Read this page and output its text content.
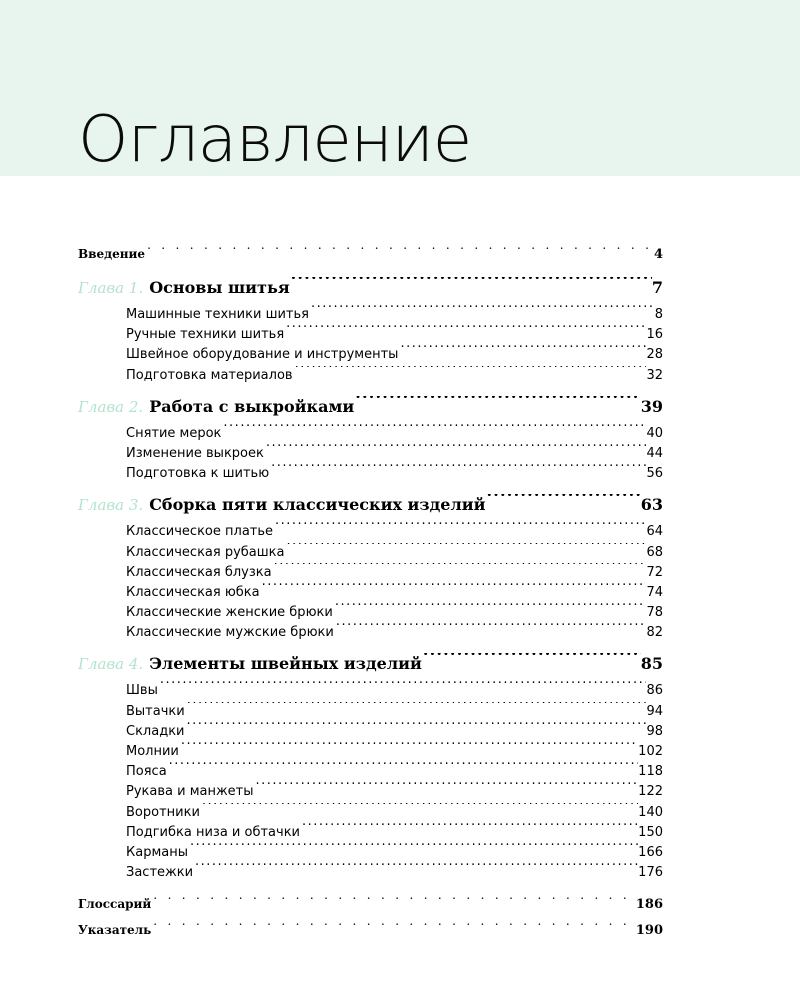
Оглавление
Введение . . .	4
Глава 1. Основы шитья .....	7
Машинные техники шитья .....	8
Ручные техники шитья .....	16
Швейное оборудование и инструменты .....	28
Подготовка материалов .....	32
Глава 2. Работа с выкройками .....	39
Снятие мерок .....	40
Изменение выкроек .....	44
Подготовка к шитью .....	56
Глава 3. Сборка пяти классических изделий .....	63
Классическое платье .....	64
Классическая рубашка .....	68
Классическая блузка .....	72
Классическая юбка .....	74
Классические женские брюки .....	78
Классические мужские брюки .....	82
Глава 4. Элементы швейных изделий .....	85
Швы .....	86
Вытачки .....	94
Складки .....	98
Молнии .....	102
Пояса .....	118
Рукава и манжеты .....	122
Воротники .....	140
Подгибка низа и обтачки .....	150
Карманы .....	166
Застежки .....	176
Глоссарий . . .	186
Указатель . . .	190
